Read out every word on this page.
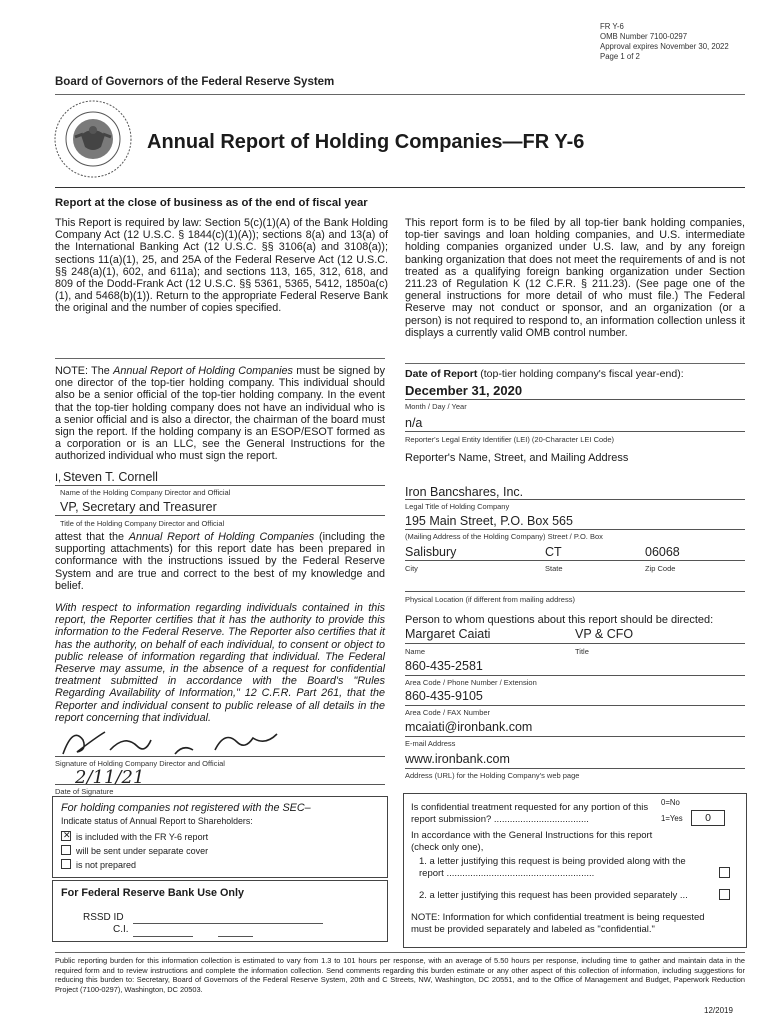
FR Y-6
OMB Number 7100-0297
Approval expires November 30, 2022
Page 1 of 2
Board of Governors of the Federal Reserve System
Annual Report of Holding Companies—FR Y-6
Report at the close of business as of the end of fiscal year
This Report is required by law: Section 5(c)(1)(A) of the Bank Holding Company Act (12 U.S.C. § 1844(c)(1)(A)); sections 8(a) and 13(a) of the International Banking Act (12 U.S.C. §§ 3106(a) and 3108(a)); sections 11(a)(1), 25, and 25A of the Federal Reserve Act (12 U.S.C. §§ 248(a)(1), 602, and 611a); and sections 113, 165, 312, 618, and 809 of the Dodd-Frank Act (12 U.S.C. §§ 5361, 5365, 5412, 1850a(c)(1), and 5468(b)(1)). Return to the appropriate Federal Reserve Bank the original and the number of copies specified.
This report form is to be filed by all top-tier bank holding companies, top-tier savings and loan holding companies, and U.S. intermediate holding companies organized under U.S. law, and by any foreign banking organization that does not meet the requirements of and is not treated as a qualifying foreign banking organization under Section 211.23 of Regulation K (12 C.F.R. § 211.23). (See page one of the general instructions for more detail of who must file.) The Federal Reserve may not conduct or sponsor, and an organization (or a person) is not required to respond to, an information collection unless it displays a currently valid OMB control number.
NOTE: The Annual Report of Holding Companies must be signed by one director of the top-tier holding company. This individual should also be a senior official of the top-tier holding company. In the event that the top-tier holding company does not have an individual who is a senior official and is also a director, the chairman of the board must sign the report. If the holding company is an ESOP/ESOT formed as a corporation or is an LLC, see the General Instructions for the authorized individual who must sign the report.
I, Steven T. Cornell
Name of the Holding Company Director and Official
VP, Secretary and Treasurer
Title of the Holding Company Director and Official
attest that the Annual Report of Holding Companies (including the supporting attachments) for this report date has been prepared in conformance with the instructions issued by the Federal Reserve System and are true and correct to the best of my knowledge and belief.
With respect to information regarding individuals contained in this report, the Reporter certifies that it has the authority to provide this information to the Federal Reserve. The Reporter also certifies that it has the authority, on behalf of each individual, to consent or object to public release of information regarding that individual. The Federal Reserve may assume, in the absence of a request for confidential treatment submitted in accordance with the Board's "Rules Regarding Availability of Information," 12 C.F.R. Part 261, that the Reporter and individual consent to public release of all details in the report concerning that individual.
Signature of Holding Company Director and Official
2/11/21
Date of Signature
For holding companies not registered with the SEC–
Indicate status of Annual Report to Shareholders:
✕is included with the FR Y-6 report
will be sent under separate cover
is not prepared
For Federal Reserve Bank Use Only
RSSD ID
C.I.
Date of Report (top-tier holding company's fiscal year-end):
December 31, 2020
Month / Day / Year
n/a
Reporter's Legal Entity Identifier (LEI) (20-Character LEI Code)
Reporter's Name, Street, and Mailing Address
Iron Bancshares, Inc.
Legal Title of Holding Company
195 Main Street, P.O. Box 565
(Mailing Address of the Holding Company) Street / P.O. Box
Salisbury	CT	06068
City	State	Zip Code
Physical Location (if different from mailing address)
Person to whom questions about this report should be directed:
Margaret Caiati	VP & CFO
Name	Title
860-435-2581
Area Code / Phone Number / Extension
860-435-9105
Area Code / FAX Number
mcaiati@ironbank.com
E-mail Address
www.ironbank.com
Address (URL) for the Holding Company's web page
Is confidential treatment requested for any portion of this report submission? ....................................
0=No
1=Yes	0
In accordance with the General Instructions for this report (check only one),
1. a letter justifying this request is being provided along with the report ........................................................
2. a letter justifying this request has been provided separately ...
NOTE: Information for which confidential treatment is being requested must be provided separately and labeled as "confidential."
Public reporting burden for this information collection is estimated to vary from 1.3 to 101 hours per response, with an average of 5.50 hours per response, including time to gather and maintain data in the required form and to review instructions and complete the information collection. Send comments regarding this burden estimate or any other aspect of this collection of information, including suggestions for reducing this burden to: Secretary, Board of Governors of the Federal Reserve System, 20th and C Streets, NW, Washington, DC 20551, and to the Office of Management and Budget, Paperwork Reduction Project (7100-0297), Washington, DC 20503.
12/2019
